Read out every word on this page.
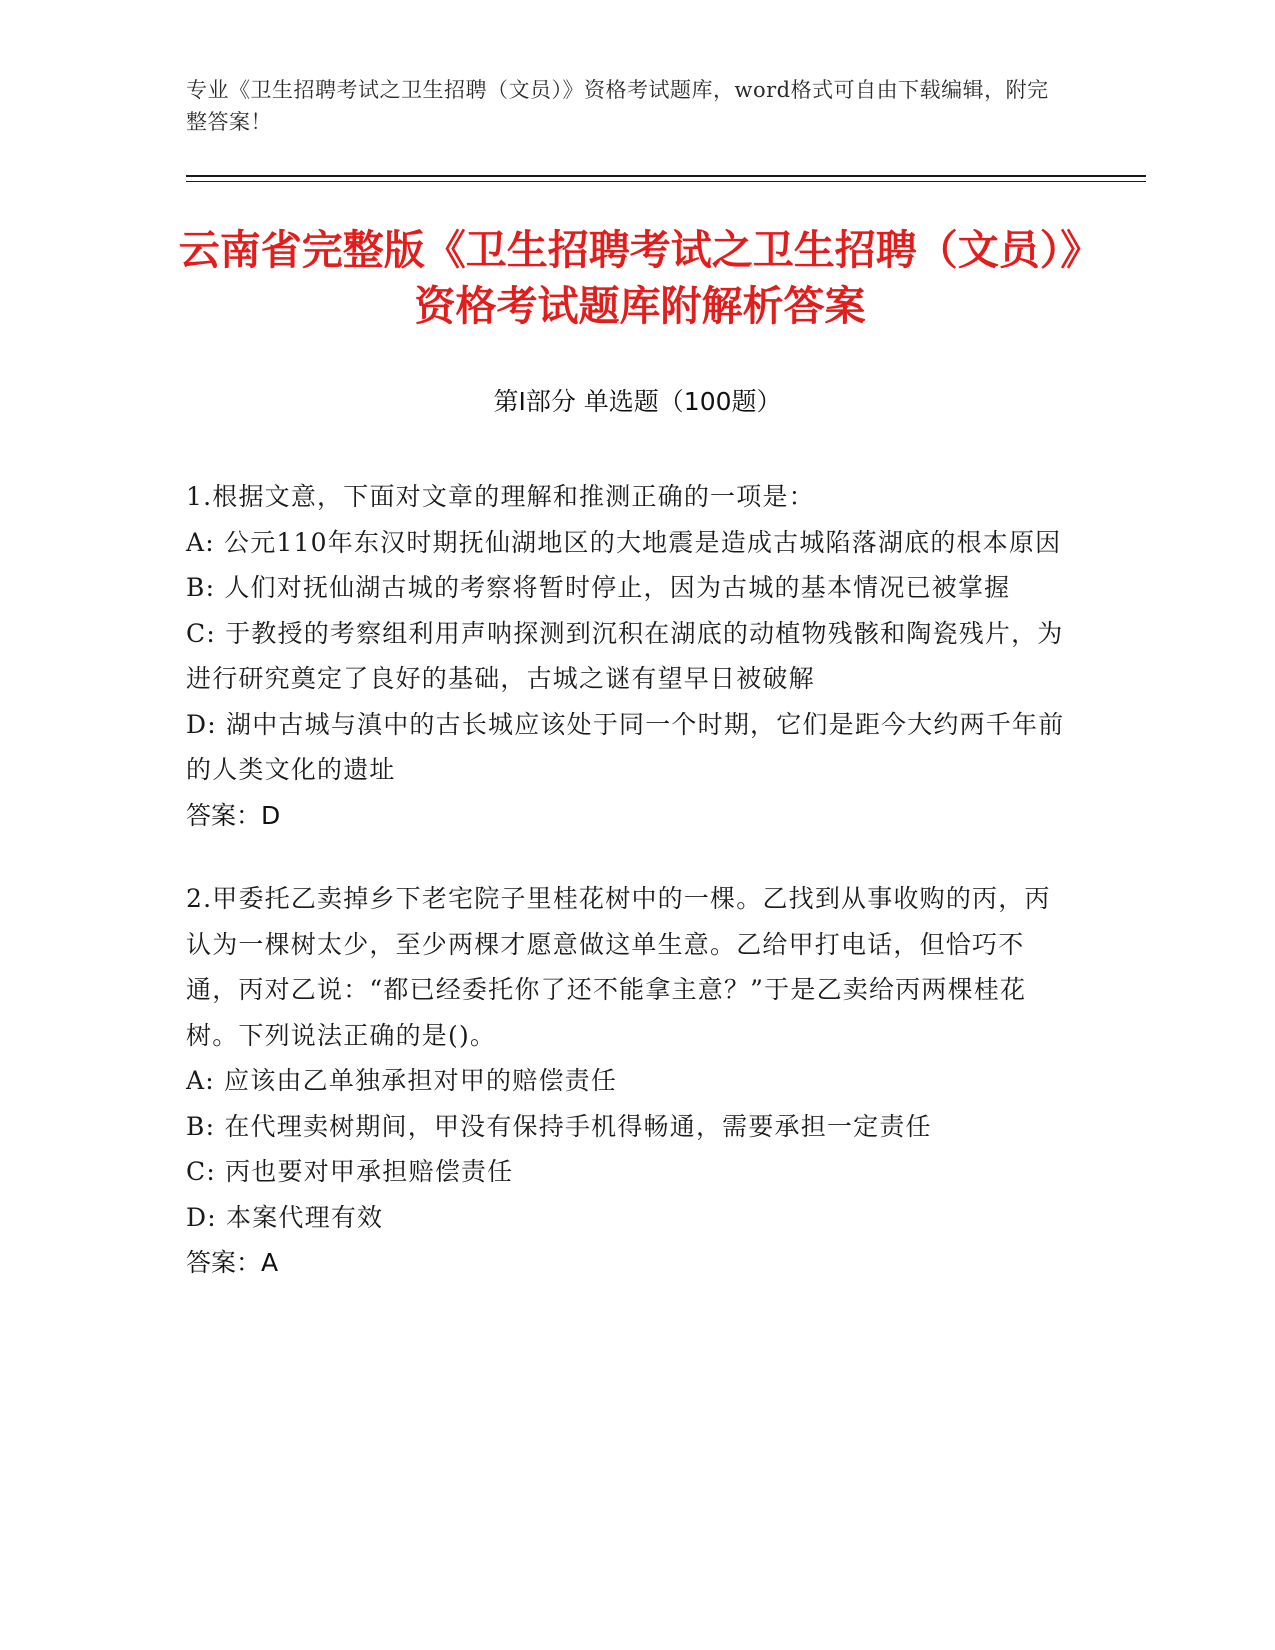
专业《卫生招聘考试之卫生招聘（文员）》资格考试题库，word格式可自由下载编辑，附完整答案！
云南省完整版《卫生招聘考试之卫生招聘（文员）》资格考试题库附解析答案
第I部分 单选题（100题）

1.根据文意，下面对文章的理解和推测正确的一项是：

A: 公元110年东汉时期抚仙湖地区的大地震是造成古城陷落湖底的根本原因

B: 人们对抚仙湖古城的考察将暂时停止，因为古城的基本情况已被掌握

C: 于教授的考察组利用声呐探测到沉积在湖底的动植物残骸和陶瓷残片，为进行研究奠定了良好的基础，古城之谜有望早日被破解

D: 湖中古城与滇中的古长城应该处于同一个时期，它们是距今大约两千年前的人类文化的遗址

答案：D

2.甲委托乙卖掉乡下老宅院子里桂花树中的一棵。乙找到从事收购的丙，丙认为一棵树太少，至少两棵才愿意做这单生意。乙给甲打电话，但恰巧不通，丙对乙说：“都已经委托你了还不能拿主意？”于是乙卖给丙两棵桂花树。下列说法正确的是()。

A: 应该由乙单独承担对甲的赔偿责任

B: 在代理卖树期间，甲没有保持手机得畅通，需要承担一定责任

C: 丙也要对甲承担赔偿责任

D: 本案代理有效

答案：A
